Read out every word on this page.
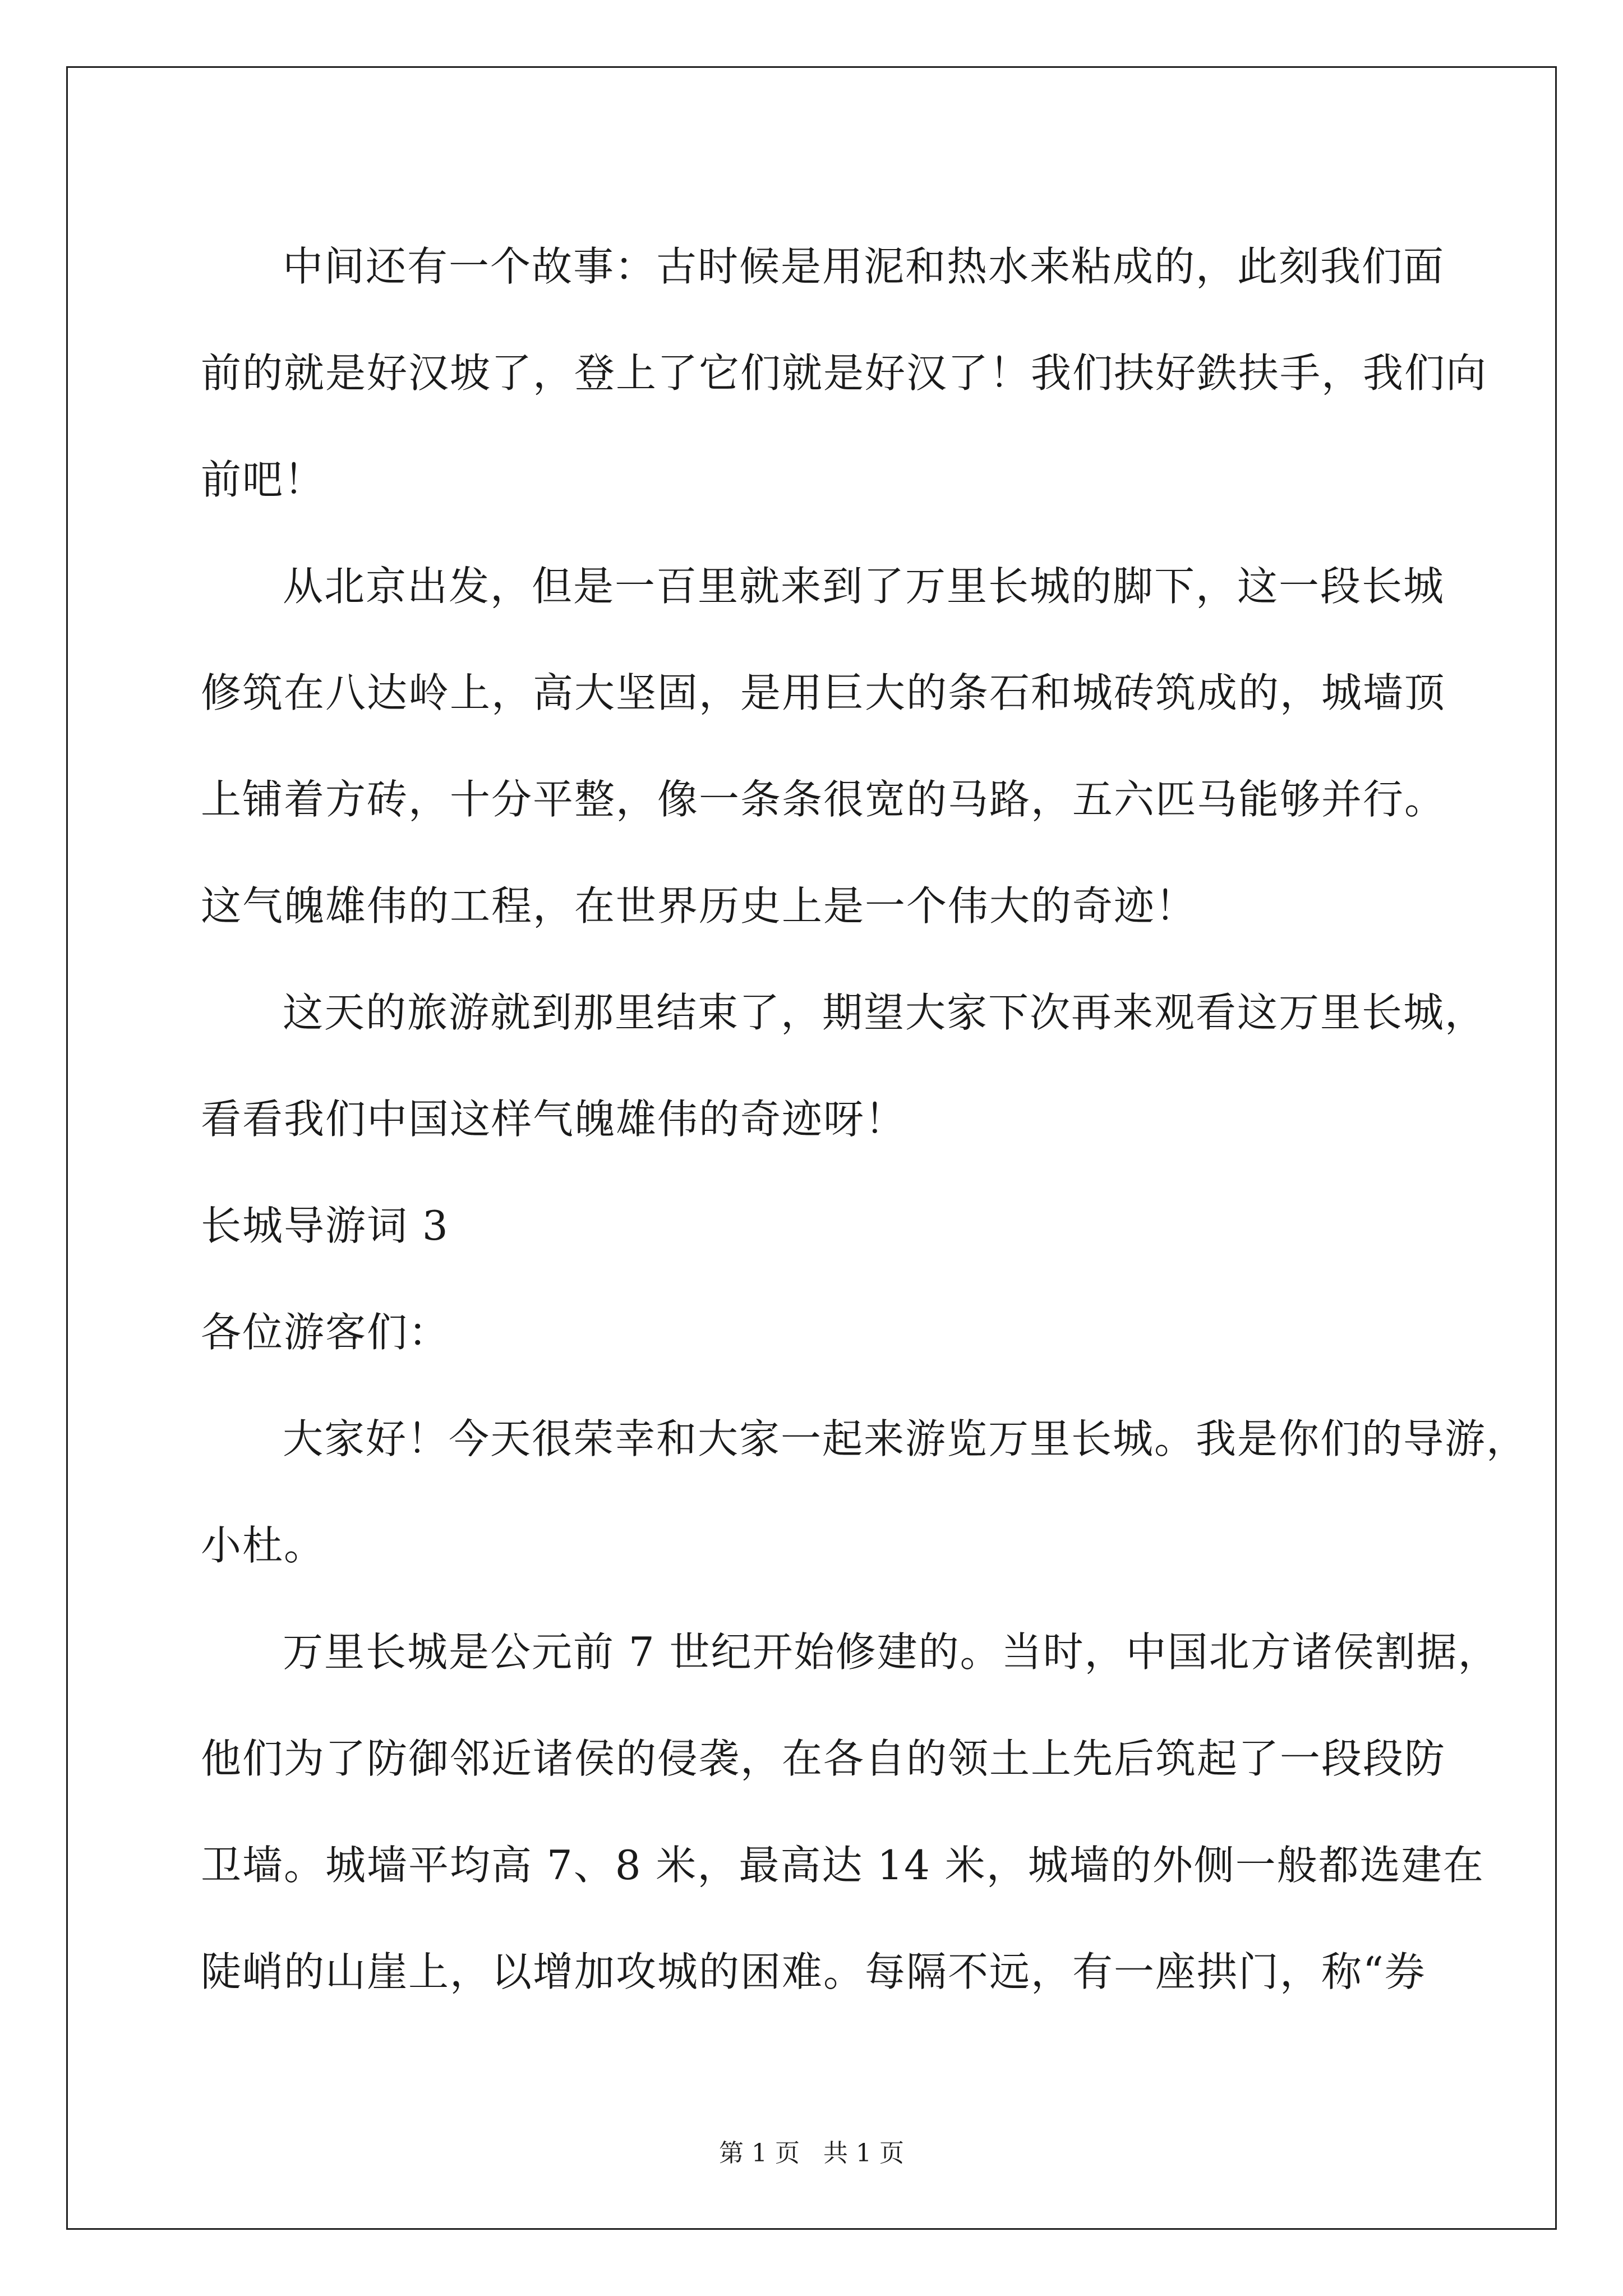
中间还有一个故事：古时候是用泥和热水来粘成的，此刻我们面
前的就是好汉坡了，登上了它们就是好汉了！我们扶好鉄扶手，我们向
前吧！
从北京出发，但是一百里就来到了万里长城的脚下，这一段长城
修筑在八达岭上，高大坚固，是用巨大的条石和城砖筑成的，城墙顶
上铺着方砖，十分平整，像一条条很宽的马路，五六匹马能够并行。
这气魄雄伟的工程，在世界历史上是一个伟大的奇迹！
这天的旅游就到那里结束了，期望大家下次再来观看这万里长城，
看看我们中国这样气魄雄伟的奇迹呀！
长城导游词 3
各位游客们：
大家好！今天很荣幸和大家一起来游览万里长城。我是你们的导游，
小杜。
万里长城是公元前 7 世纪开始修建的。当时，中国北方诸侯割据，
他们为了防御邻近诸侯的侵袭，在各自的领土上先后筑起了一段段防
卫墙。城墙平均高 7、8 米，最高达 14 米，城墙的外侧一般都选建在
陡峭的山崖上，以增加攻城的困难。每隔不远，有一座拱门，称“券
第 1 页   共 1 页
